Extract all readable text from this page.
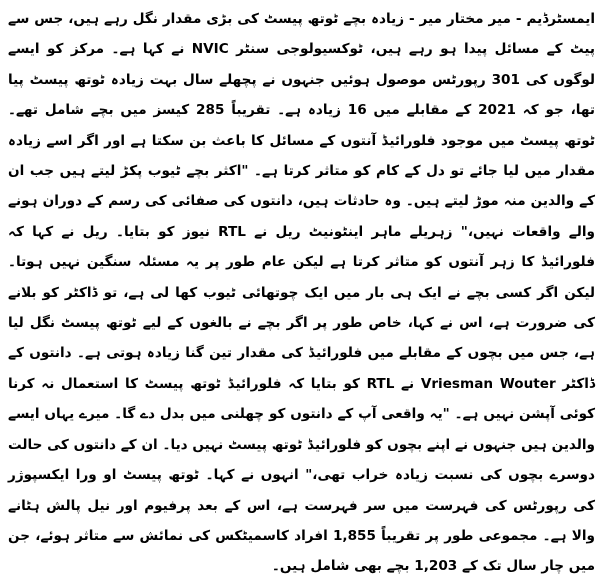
ایمسٹرڈیم - میر مختار میر - زیادہ بچے ٹوتھ پیسٹ کی بڑی مقدار نگل رہے ہیں، جس سے پیٹ کے مسائل پیدا ہو رہے ہیں، ٹوکسیولوجی سنٹر NVIC نے کہا ہے۔ مرکز کو ایسے لوگوں کی 301 رپورٹس موصول ہوئیں جنہوں نے پچھلے سال بہت زیادہ ٹوتھ پیسٹ پیا تھا، جو کہ 2021 کے مقابلے میں 16 زیادہ ہے۔ تقریباً 285 کیسز میں بچے شامل تھے۔ ٹوتھ پیسٹ میں موجود فلورائیڈ آنتوں کے مسائل کا باعث بن سکتا ہے اور اگر اسے زیادہ مقدار میں لیا جائے تو دل کے کام کو متاثر کرتا ہے۔ "اکثر بچے ٹیوب پکڑ لیتے ہیں جب ان کے والدین منہ موڑ لیتے ہیں۔ وہ حادثات ہیں، دانتوں کی صفائی کی رسم کے دوران ہونے والے واقعات نہیں،" زہریلے ماہر اینٹونیٹ ریل نے RTL نیوز کو بتایا۔ ریل نے کہا کہ فلورائیڈ کا زہر آنتوں کو متاثر کرتا ہے لیکن عام طور پر یہ مسئلہ سنگین نہیں ہوتا۔ لیکن اگر کسی بچے نے ایک ہی بار میں ایک چوتھائی ٹیوب کھا لی ہے، تو ڈاکٹر کو بلانے کی ضرورت ہے، اس نے کہا، خاص طور پر اگر بچے نے بالغوں کے لیے ٹوتھ پیسٹ نگل لیا ہے، جس میں بچوں کے مقابلے میں فلورائیڈ کی مقدار تین گنا زیادہ ہوتی ہے۔ دانتوں کے ڈاکٹر Vriesman Wouter نے RTL کو بتایا کہ فلورائیڈ ٹوتھ پیسٹ کا استعمال نہ کرنا کوئی آپشن نہیں ہے۔ "یہ واقعی آپ کے دانتوں کو چھلنی میں بدل دے گا۔ میرے یہاں ایسے والدین ہیں جنہوں نے اپنے بچوں کو فلورائیڈ ٹوتھ پیسٹ نہیں دیا۔ ان کے دانتوں کی حالت دوسرے بچوں کی نسبت زیادہ خراب تھی،" انہوں نے کہا۔ ٹوتھ پیسٹ او ورا ایکسپوژر کی رپورٹس کی فہرست میں سر فہرست ہے، اس کے بعد پرفیوم اور نیل پالش ہٹانے والا ہے۔ مجموعی طور پر تقریباً 1,855 افراد کاسمیٹکس کی نمائش سے متاثر ہوئے، جن میں چار سال تک کے 1,203 بچے بھی شامل ہیں۔
